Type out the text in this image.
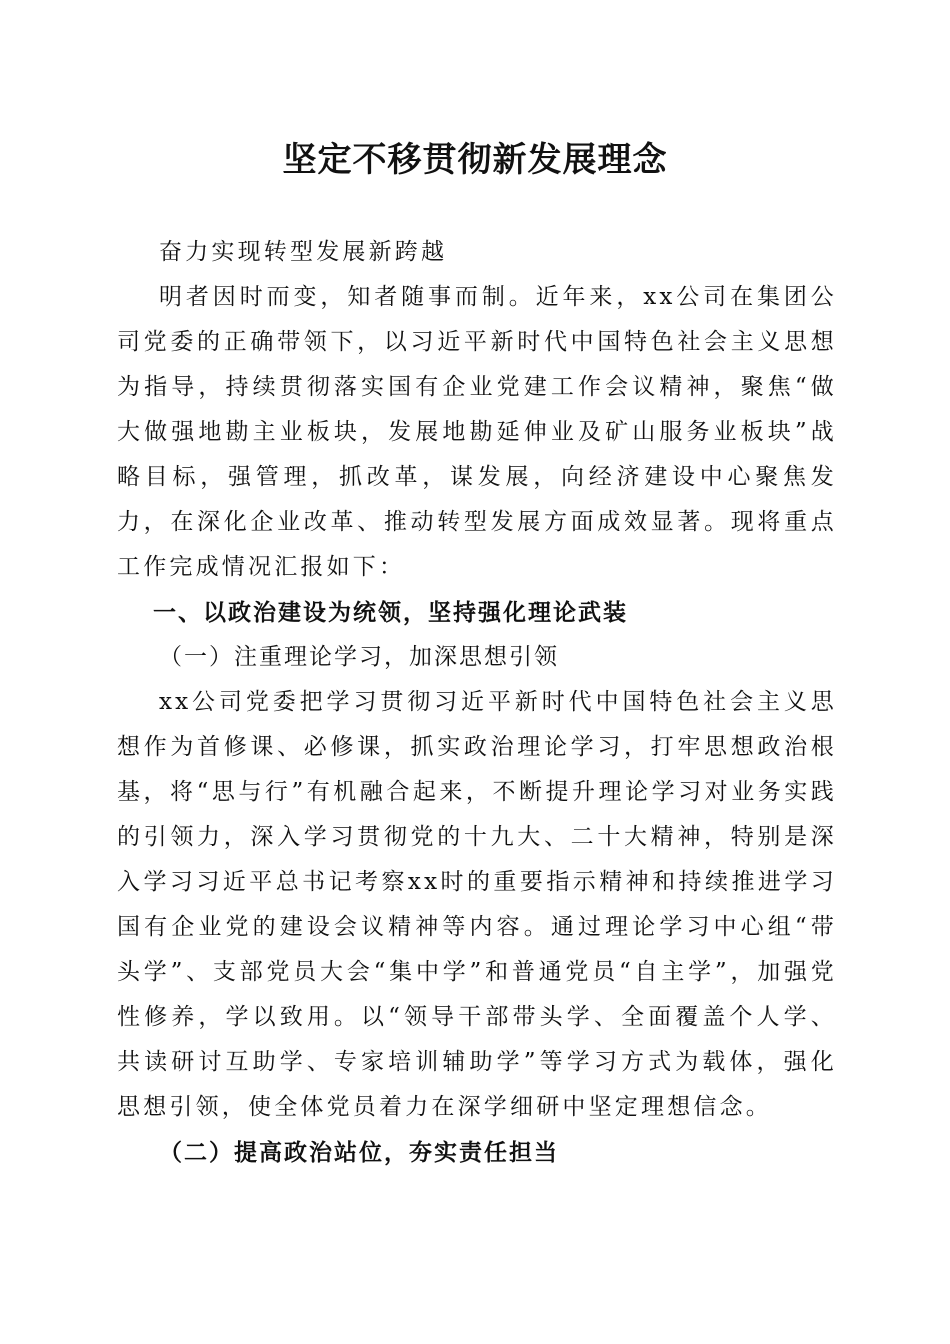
坚定不移贯彻新发展理念

奋力实现转型发展新跨越

明者因时而变，知者随事而制。近年来，xx公司在集团公司党委的正确带领下，以习近平新时代中国特色社会主义思想为指导，持续贯彻落实国有企业党建工作会议精神，聚焦“做大做强地勘主业板块，发展地勘延伸业及矿山服务业板块”战略目标，强管理，抓改革，谋发展，向经济建设中心聚焦发力，在深化企业改革、推动转型发展方面成效显著。现将重点工作完成情况汇报如下：

一、以政治建设为统领，坚持强化理论武装

（一）注重理论学习，加深思想引领

xx公司党委把学习贯彻习近平新时代中国特色社会主义思想作为首修课、必修课，抓实政治理论学习，打牢思想政治根基，将“思与行”有机融合起来，不断提升理论学习对业务实践的引领力，深入学习贯彻党的十九大、二十大精神，特别是深入学习习近平总书记考察xx时的重要指示精神和持续推进学习国有企业党的建设会议精神等内容。通过理论学习中心组“带头学”、支部党员大会“集中学”和普通党员“自主学”，加强党性修养，学以致用。以“领导干部带头学、全面覆盖个人学、共读研讨互助学、专家培训辅助学”等学习方式为载体，强化思想引领，使全体党员着力在深学细研中坚定理想信念。

（二）提高政治站位，夯实责任担当
